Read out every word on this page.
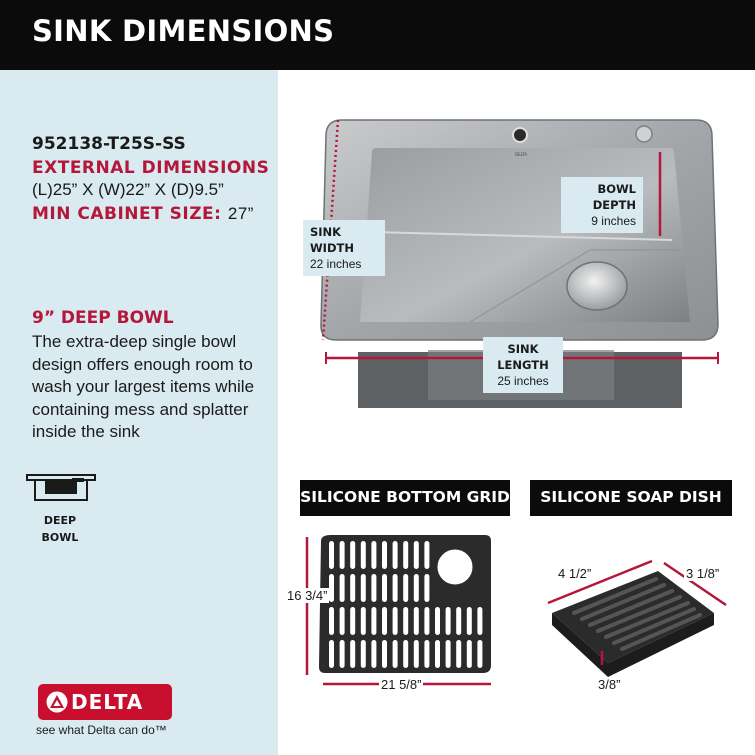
SINK DIMENSIONS
952138-T25S-SS
EXTERNAL DIMENSIONS
(L)25” X (W)22” X (D)9.5”
MIN CABINET SIZE: 27”
9” DEEP BOWL
The extra-deep single bowl design offers enough room to wash your largest items while containing mess and splatter inside the sink
DEEP
BOWL
DELTA
see what Delta can do™
DELTA
BOWL DEPTH
9 inches
SINK WIDTH
22 inches
SINK LENGTH
25 inches
SILICONE BOTTOM GRID	SILICONE SOAP DISH
16 3/4”
21 5/8”
4 1/2”	3 1/8”
3/8”
